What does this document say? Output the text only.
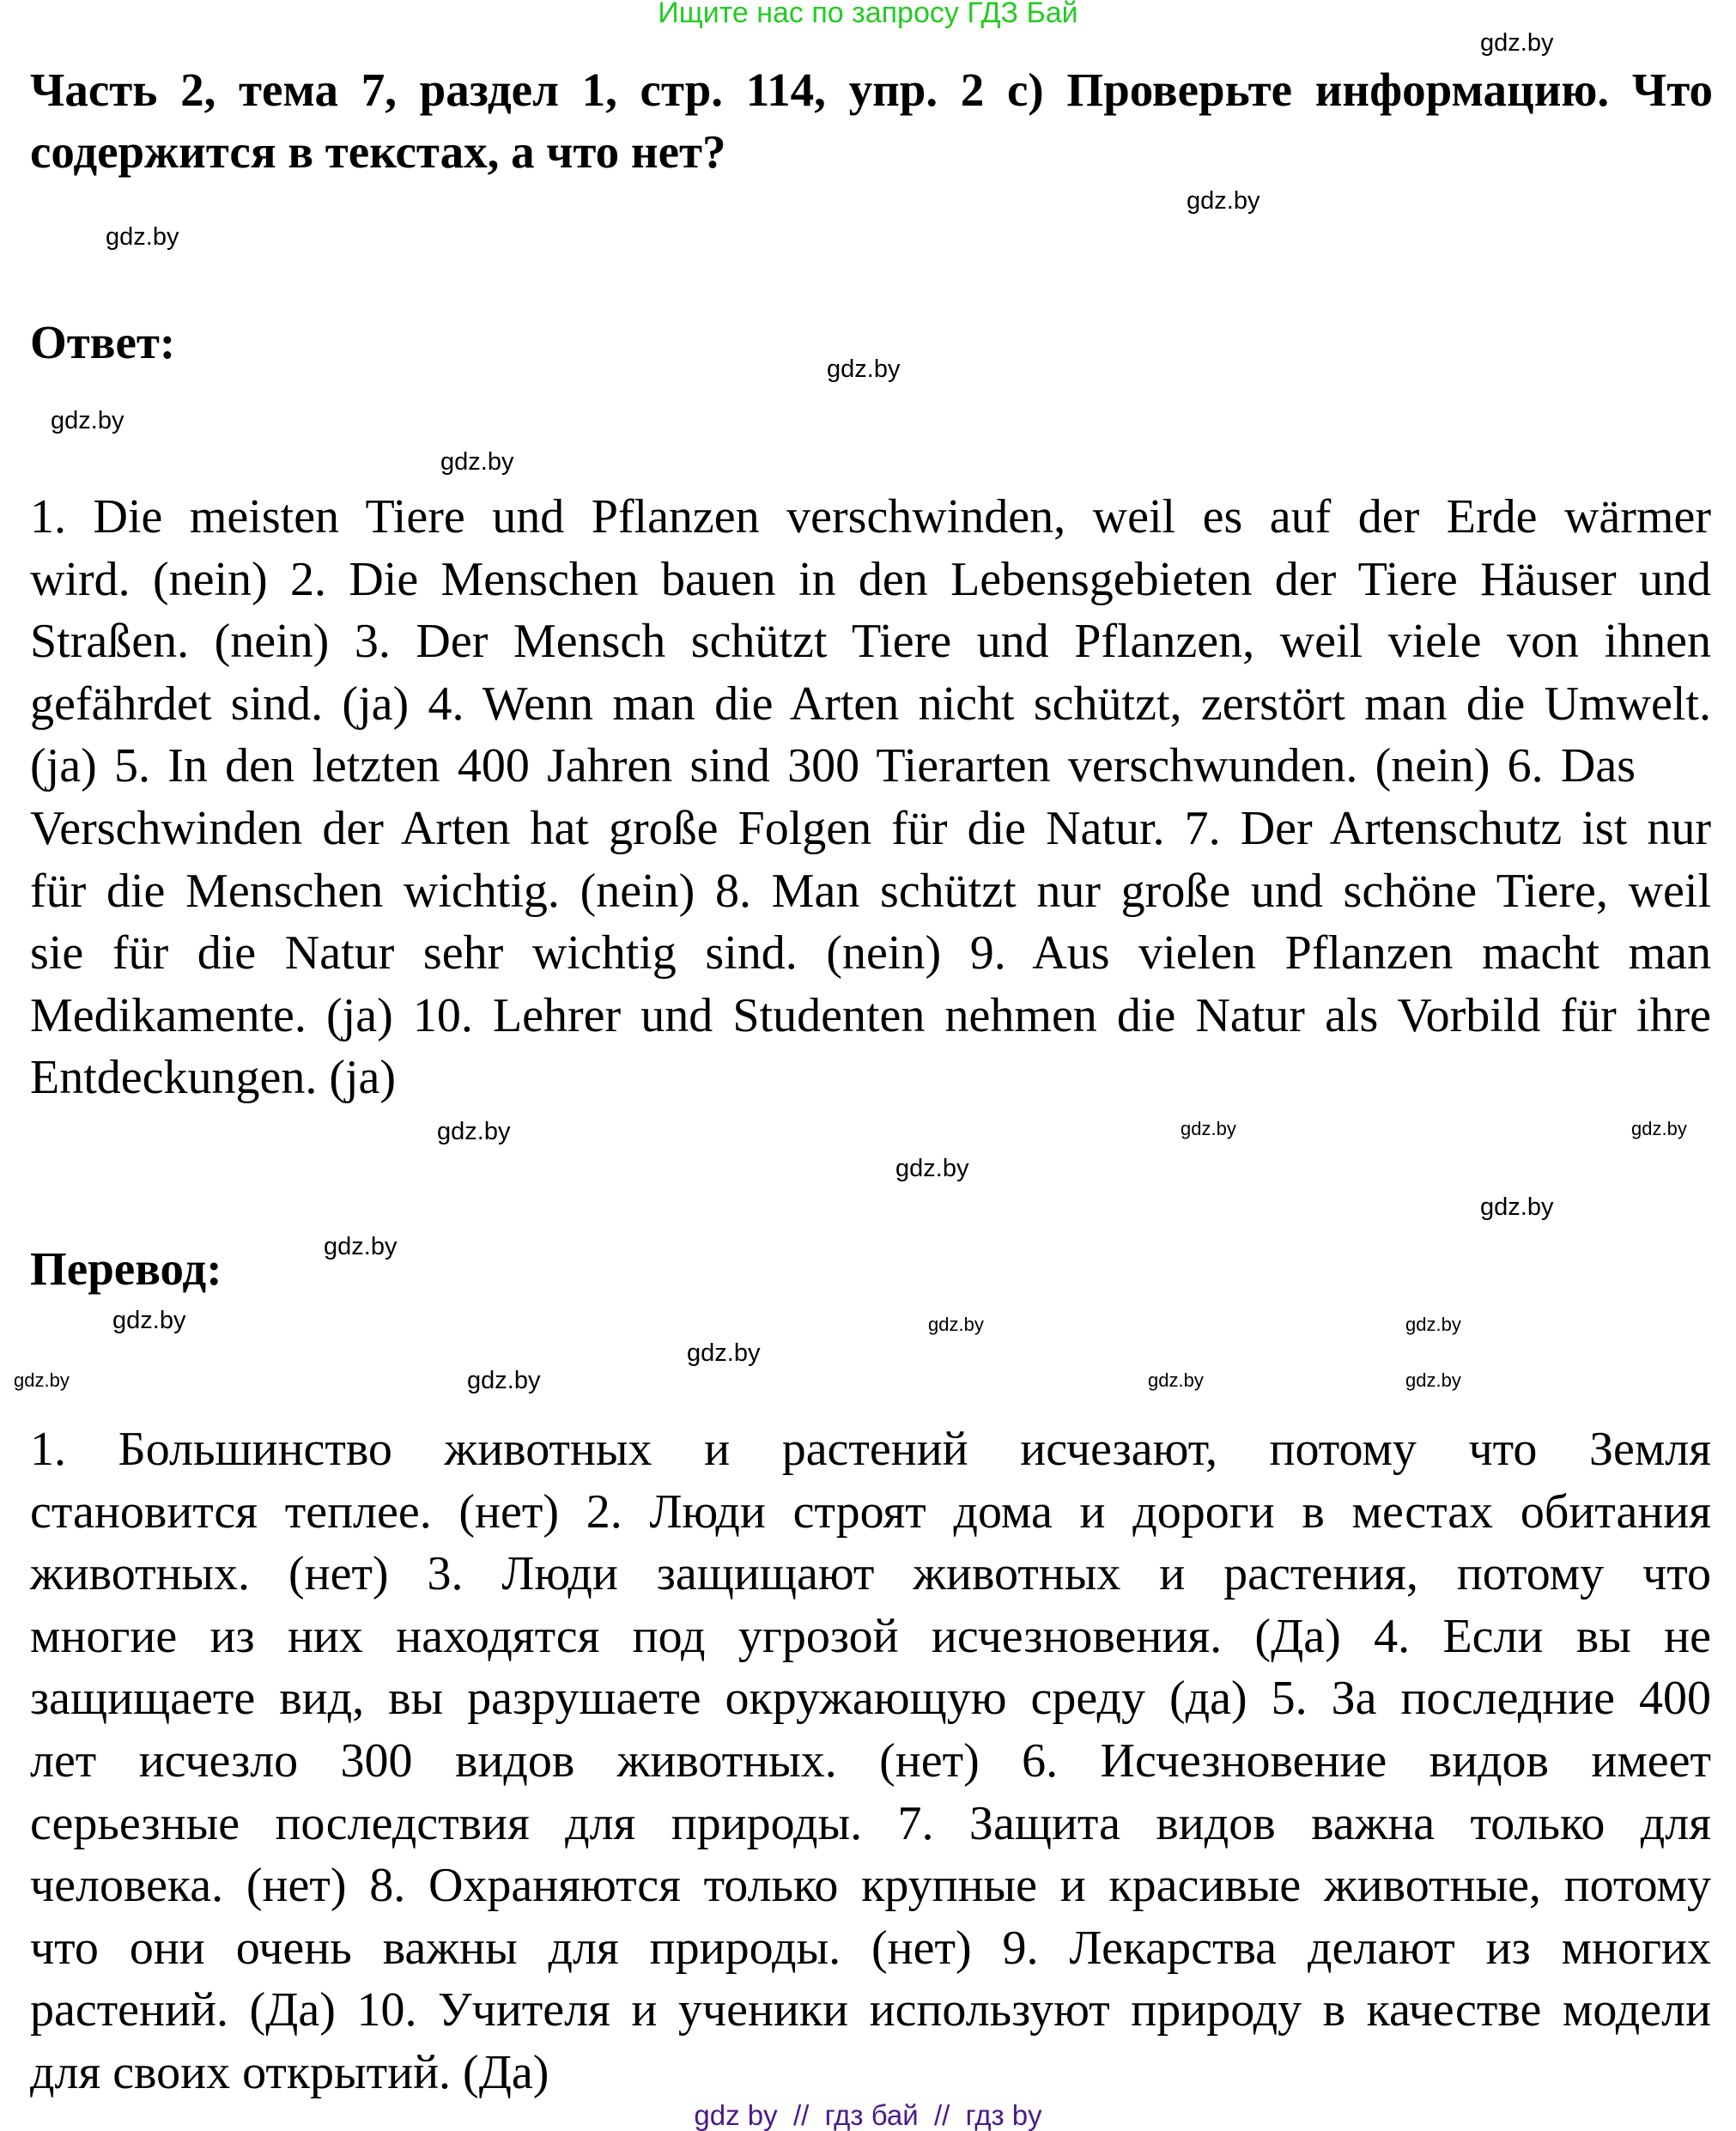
Ищите нас по запросу ГДЗ Бай
Часть 2, тема 7, раздел 1, стр. 114, упр. 2 c) Проверьте информацию. Что
содержится в текстах, а что нет?
Ответ:
1. Die meisten Tiere und Pflanzen verschwinden, weil es auf der Erde wärmer
wird. (nein) 2. Die Menschen bauen in den Lebensgebieten der Tiere Häuser und
Straßen. (nein) 3. Der Mensch schützt Tiere und Pflanzen, weil viele von ihnen
gefährdet sind. (ja) 4. Wenn man die Arten nicht schützt, zerstört man die Umwelt.
(ja) 5. In den letzten 400 Jahren sind 300 Tierarten verschwunden. (nein) 6. Das
Verschwinden der Arten hat große Folgen für die Natur. 7. Der Artenschutz ist nur
für die Menschen wichtig. (nein) 8. Man schützt nur große und schöne Tiere, weil
sie für die Natur sehr wichtig sind. (nein) 9. Aus vielen Pflanzen macht man
Medikamente. (ja) 10. Lehrer und Studenten nehmen die Natur als Vorbild für ihre
Entdeckungen. (ja)
Перевод:
1. Большинство животных и растений исчезают, потому что Земля
становится теплее. (нет) 2. Люди строят дома и дороги в местах обитания
животных. (нет) 3. Люди защищают животных и растения, потому что
многие из них находятся под угрозой исчезновения. (Да) 4. Если вы не
защищаете вид, вы разрушаете окружающую среду (да) 5. За последние 400
лет исчезло 300 видов животных. (нет) 6. Исчезновение видов имеет
серьезные последствия для природы. 7. Защита видов важна только для
человека. (нет) 8. Охраняются только крупные и красивые животные, потому
что они очень важны для природы. (нет) 9. Лекарства делают из многих
растений. (Да) 10. Учителя и ученики используют природу в качестве модели
для своих открытий. (Да)
gdz.by
gdz.by
gdz.by
gdz.by
gdz.by
gdz.by
gdz.by	gdz.by
gdz.by
gdz.by
gdz.by
gdz.by
gdz.by
gdz.by
gdz.by	gdz.by
gdz.by
gdz.by	gdz.by
gdz.by
gdz by  //  гдз бай  //  гдз by
